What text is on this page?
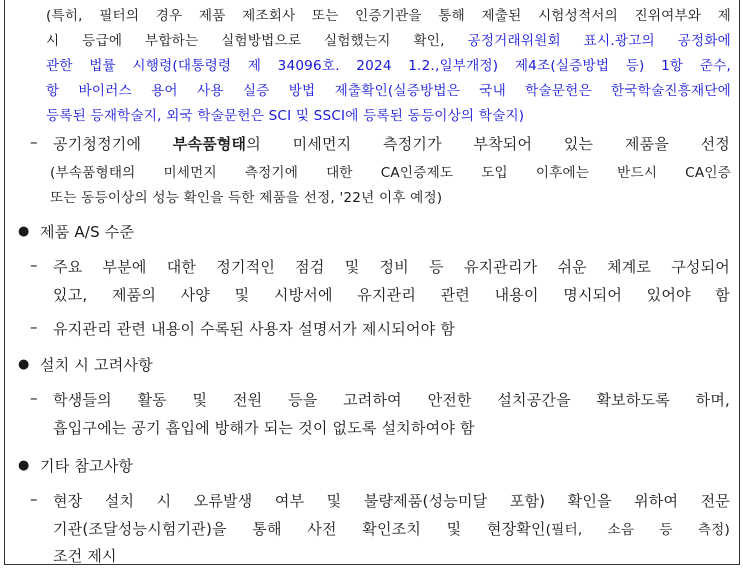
(특히, 필터의 경우 제품 제조회사 또는 인증기관을 통해 제출된 시험성적서의 진위여부와 제
시 등급에 부합하는 실험방법으로 실험했는지 확인, 공정거래위원회 표시.광고의 공정화에
관한 법률 시행령(대통령령 제 34096호. 2024 1.2.,일부개정) 제4조(실증방법 등) 1항 준수,
항 바이러스 용어 사용 실증 방법 제출확인(실증방법은 국내 학술문헌은 한국학술진흥재단에
등록된 등재학술지, 외국 학술문헌은 SCI 및 SSCI에 등록된 동등이상의 학술지)
– 공기청정기에 부속품형태의 미세먼지 측정기가 부착되어 있는 제품을 선정
(부속품형태의 미세먼지 측정기에 대한 CA인증제도 도입 이후에는 반드시 CA인증
또는 동등이상의 성능 확인을 득한 제품을 선정, '22년 이후 예정)
● 제품 A/S 수준
– 주요 부분에 대한 정기적인 점검 및 정비 등 유지관리가 쉬운 체계로 구성되어
있고, 제품의 사양 및 시방서에 유지관리 관련 내용이 명시되어 있어야 함
– 유지관리 관련 내용이 수록된 사용자 설명서가 제시되어야 함
● 설치 시 고려사항
– 학생들의 활동 및 전원 등을 고려하여 안전한 설치공간을 확보하도록 하며,
흡입구에는 공기 흡입에 방해가 되는 것이 없도록 설치하여야 함
● 기타 참고사항
– 현장 설치 시 오류발생 여부 및 불량제품(성능미달 포함) 확인을 위하여 전문
기관(조달성능시험기관)을 통해 사전 확인조치 및 현장확인(필터, 소음 등 측정)
조건 제시
